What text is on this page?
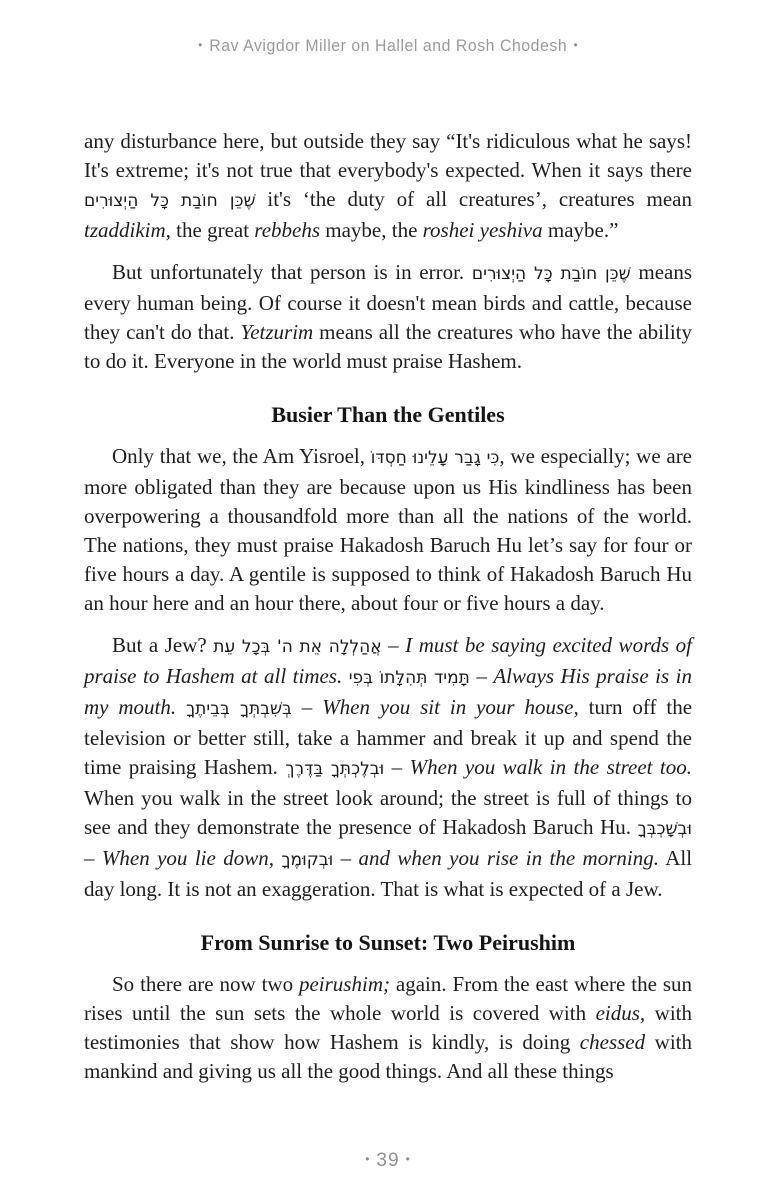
• Rav Avigdor Miller on Hallel and Rosh Chodesh •

any disturbance here, but outside they say “It's ridiculous what he says! It's extreme; it's not true that everybody's expected. When it says there שֶׁכֵּן חוֹבַת כָּל הַיְצוּרִים it's ‘the duty of all creatures’, creatures mean tzaddikim, the great rebbehs maybe, the roshei yeshiva maybe.”

But unfortunately that person is in error. שֶׁכֵּן חוֹבַת כָּל הַיְצוּרִים means every human being. Of course it doesn't mean birds and cattle, because they can't do that. Yetzurim means all the creatures who have the ability to do it. Everyone in the world must praise Hashem.

Busier Than the Gentiles

Only that we, the Am Yisroel, כִּי גָבַר עָלֵינוּ חַסְדּוֹ, we especially; we are more obligated than they are because upon us His kindliness has been overpowering a thousandfold more than all the nations of the world. The nations, they must praise Hakadosh Baruch Hu let’s say for four or five hours a day. A gentile is supposed to think of Hakadosh Baruch Hu an hour here and an hour there, about four or five hours a day.

But a Jew? אֲהַלְלָה אֵת ה' בְּכָל עֵת – I must be saying excited words of praise to Hashem at all times. תָּמִיד תְּהִלָּתוֹ בְּפִי – Always His praise is in my mouth. בְּשִׁבְתְּךָ בְּבֵיתֶךָ – When you sit in your house, turn off the television or better still, take a hammer and break it up and spend the time praising Hashem. וּבְלֶכְתְּךָ בַּדֶּרֶךְ – When you walk in the street too. When you walk in the street look around; the street is full of things to see and they demonstrate the presence of Hakadosh Baruch Hu. וּבְשָׁכְבְּךָ – When you lie down, וּבְקוּמֶךָ – and when you rise in the morning. All day long. It is not an exaggeration. That is what is expected of a Jew.

From Sunrise to Sunset: Two Peirushim

So there are now two peirushim; again. From the east where the sun rises until the sun sets the whole world is covered with eidus, with testimonies that show how Hashem is kindly, is doing chessed with mankind and giving us all the good things. And all these things

• 39 •
